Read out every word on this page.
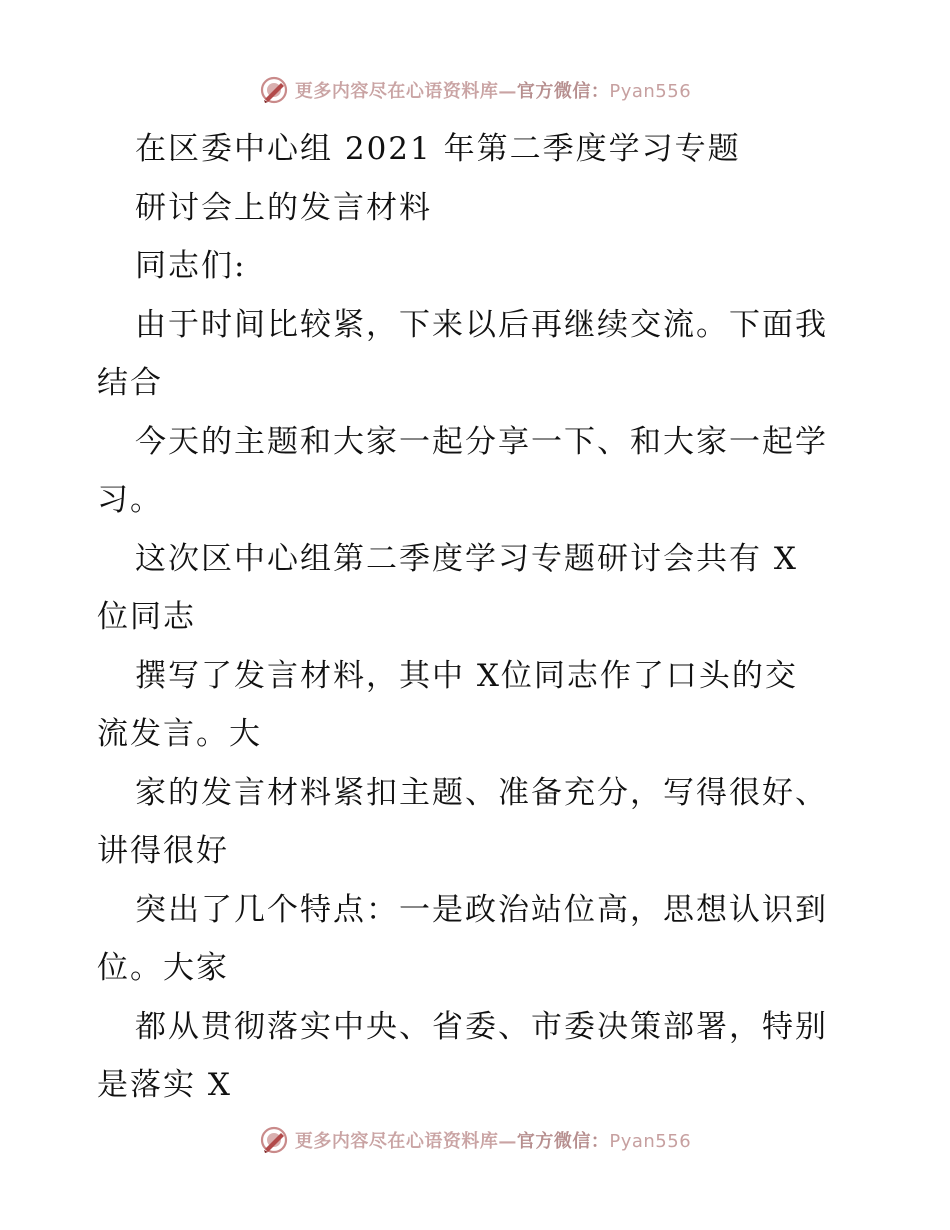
更多内容尽在心语资料库—官方微信：Pyan556
在区委中心组 2021 年第二季度学习专题
研讨会上的发言材料
同志们:
由于时间比较紧，下来以后再继续交流。下面我
结合
今天的主题和大家一起分享一下、和大家一起学
习。
这次区中心组第二季度学习专题研讨会共有 X
位同志
撰写了发言材料，其中 X位同志作了口头的交
流发言。大
家的发言材料紧扣主题、准备充分，写得很好、
讲得很好
突出了几个特点：一是政治站位高，思想认识到
位。大家
都从贯彻落实中央、省委、市委决策部署，特别
是落实 X
更多内容尽在心语资料库—官方微信：Pyan556
